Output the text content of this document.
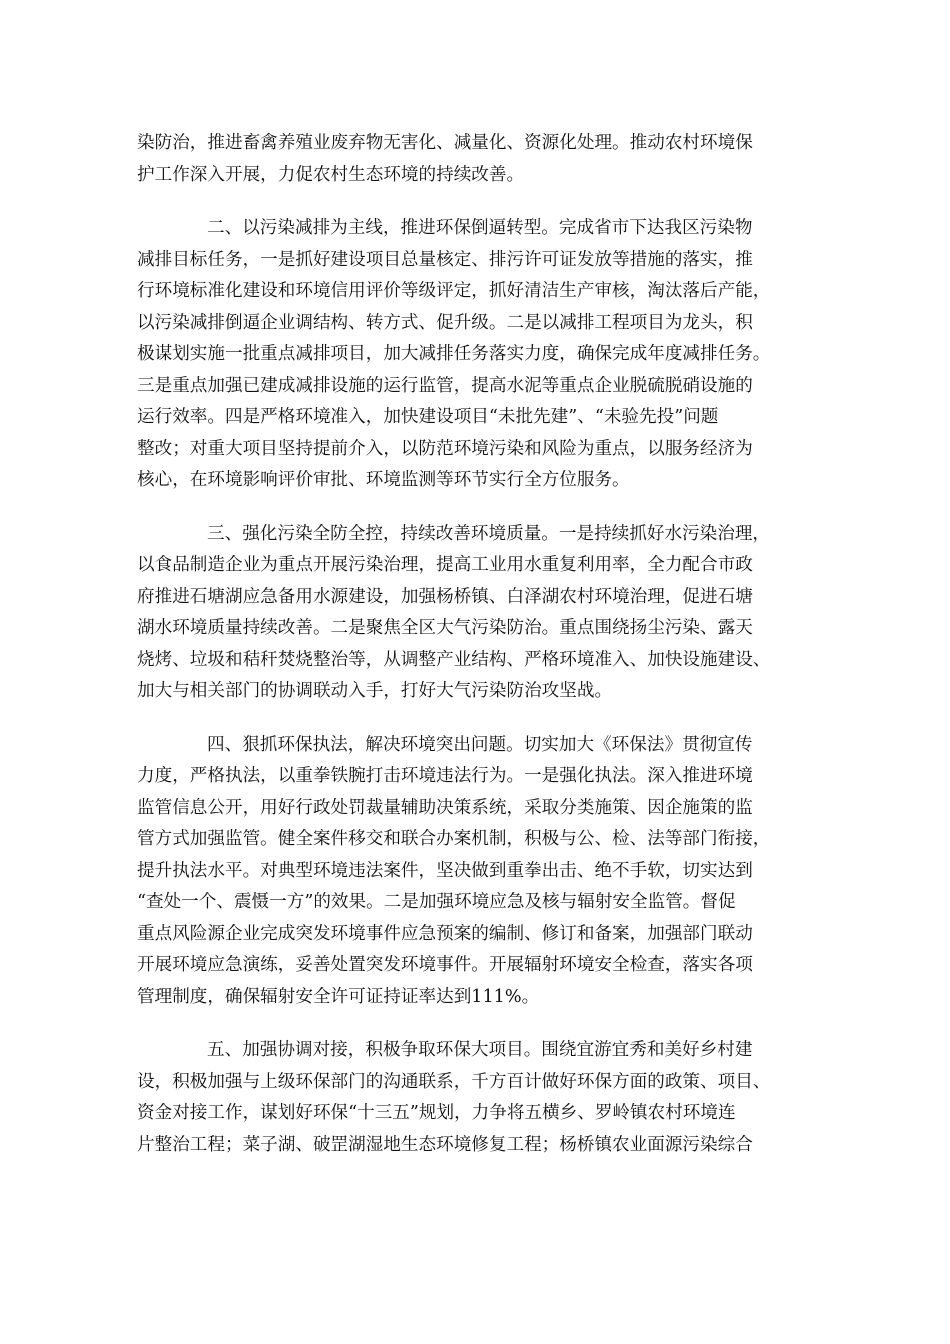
染防治，推进畜禽养殖业废弃物无害化、减量化、资源化处理。推动农村环境保
护工作深入开展，力促农村生态环境的持续改善。
二、以污染减排为主线，推进环保倒逼转型。完成省市下达我区污染物
减排目标任务，一是抓好建设项目总量核定、排污许可证发放等措施的落实，推
行环境标准化建设和环境信用评价等级评定，抓好清洁生产审核，淘汰落后产能，
以污染减排倒逼企业调结构、转方式、促升级。二是以减排工程项目为龙头，积
极谋划实施一批重点减排项目，加大减排任务落实力度，确保完成年度减排任务。
三是重点加强已建成减排设施的运行监管，提高水泥等重点企业脱硫脱硝设施的
运行效率。四是严格环境准入，加快建设项目“未批先建”、“未验先投”问题
整改；对重大项目坚持提前介入，以防范环境污染和风险为重点，以服务经济为
核心，在环境影响评价审批、环境监测等环节实行全方位服务。
三、强化污染全防全控，持续改善环境质量。一是持续抓好水污染治理，
以食品制造企业为重点开展污染治理，提高工业用水重复利用率，全力配合市政
府推进石塘湖应急备用水源建设，加强杨桥镇、白泽湖农村环境治理，促进石塘
湖水环境质量持续改善。二是聚焦全区大气污染防治。重点围绕扬尘污染、露天
烧烤、垃圾和秸秆焚烧整治等，从调整产业结构、严格环境准入、加快设施建设、
加大与相关部门的协调联动入手，打好大气污染防治攻坚战。
四、狠抓环保执法，解决环境突出问题。切实加大《环保法》贯彻宣传
力度，严格执法，以重拳铁腕打击环境违法行为。一是强化执法。深入推进环境
监管信息公开，用好行政处罚裁量辅助决策系统，采取分类施策、因企施策的监
管方式加强监管。健全案件移交和联合办案机制，积极与公、检、法等部门衔接，
提升执法水平。对典型环境违法案件，坚决做到重拳出击、绝不手软，切实达到
“查处一个、震慑一方”的效果。二是加强环境应急及核与辐射安全监管。督促
重点风险源企业完成突发环境事件应急预案的编制、修订和备案，加强部门联动
开展环境应急演练，妥善处置突发环境事件。开展辐射环境安全检查，落实各项
管理制度，确保辐射安全许可证持证率达到111%。
五、加强协调对接，积极争取环保大项目。围绕宜游宜秀和美好乡村建
设，积极加强与上级环保部门的沟通联系，千方百计做好环保方面的政策、项目、
资金对接工作，谋划好环保“十三五”规划，力争将五横乡、罗岭镇农村环境连
片整治工程；菜子湖、破罡湖湿地生态环境修复工程；杨桥镇农业面源污染综合
